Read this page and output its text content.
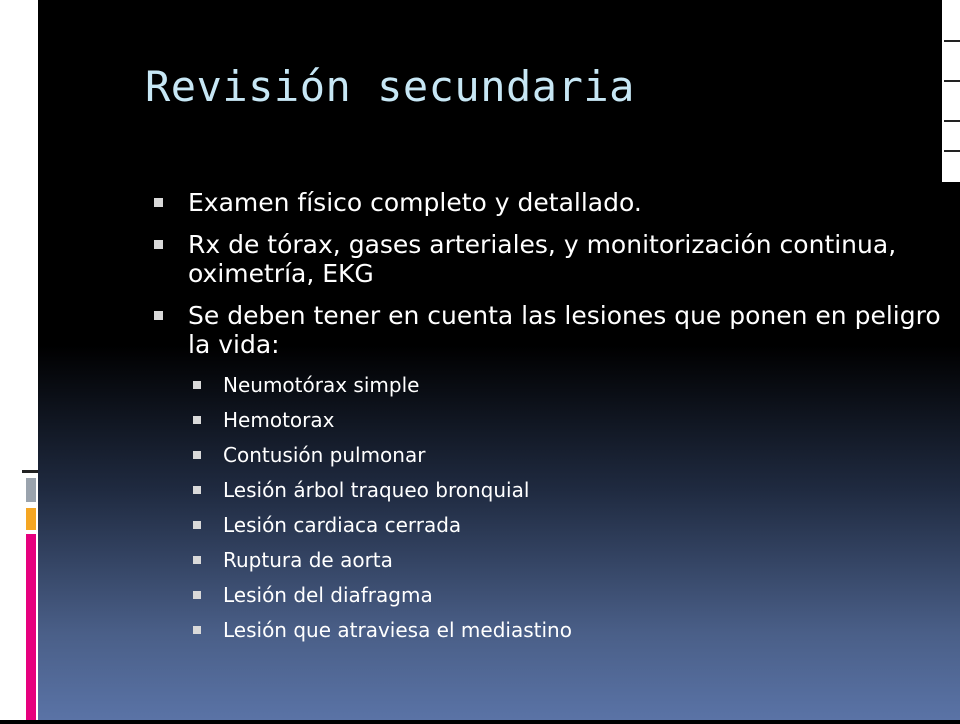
Revisión secundaria
Examen físico completo y detallado.
Rx de tórax, gases arteriales, y monitorización continua, oximetría, EKG
Se deben tener en cuenta las lesiones que ponen en peligro la vida:
Neumotórax simple
Hemotorax
Contusión pulmonar
Lesión árbol traqueo bronquial
Lesión cardiaca cerrada
Ruptura de aorta
Lesión del diafragma
Lesión que atraviesa el mediastino
